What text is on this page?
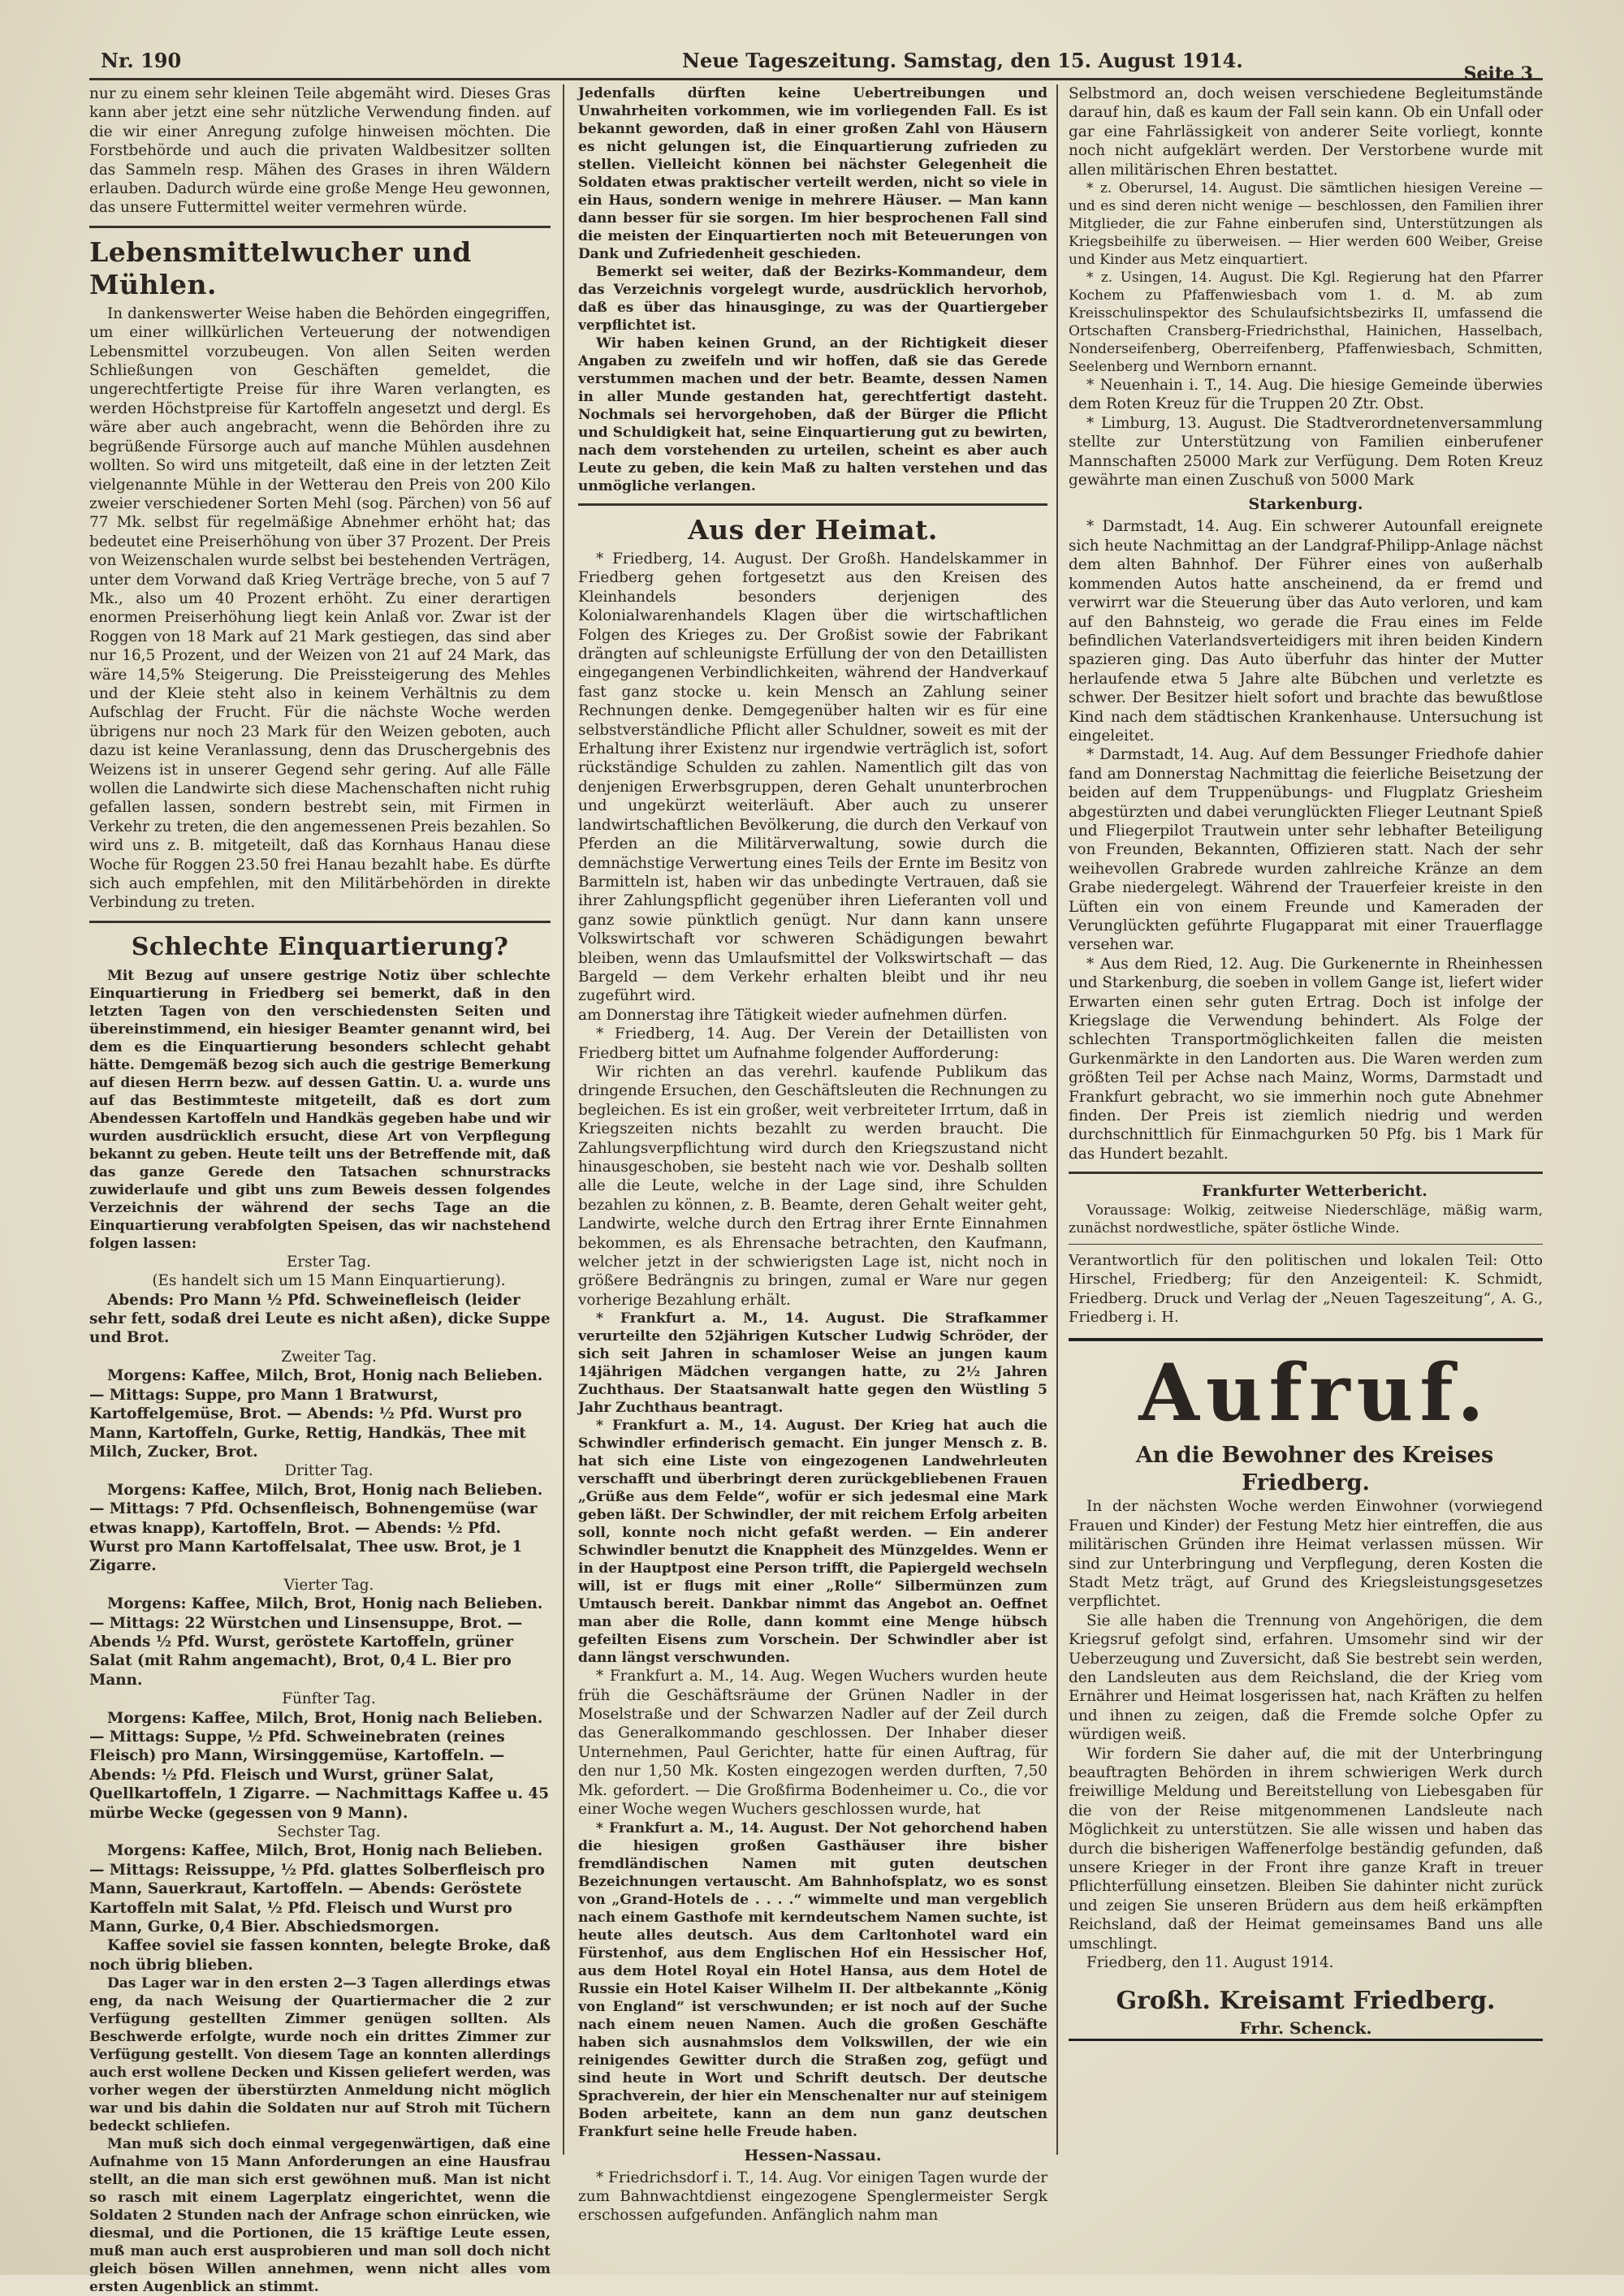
Nr. 190	Neue Tageszeitung. Samstag, den 15. August 1914.
Seite 3

nur zu einem sehr kleinen Teile abgemäht wird. Dieses Gras kann aber jetzt eine sehr nützliche Verwendung finden. auf die wir einer Anregung zufolge hinweisen möchten. Die Forstbehörde und auch die privaten Waldbesitzer sollten das Sammeln resp. Mähen des Grases in ihren Wäldern erlauben. Dadurch würde eine große Menge Heu gewonnen, das unsere Futtermittel weiter vermehren würde.

Lebensmittelwucher und Mühlen.

In dankenswerter Weise haben die Behörden eingegriffen, um einer willkürlichen Verteuerung der notwendigen Lebensmittel vorzubeugen. Von allen Seiten werden Schließungen von Geschäften gemeldet, die ungerechtfertigte Preise für ihre Waren verlangten, es werden Höchstpreise für Kartoffeln angesetzt und dergl. Es wäre aber auch angebracht, wenn die Behörden ihre zu begrüßende Fürsorge auch auf manche Mühlen ausdehnen wollten. So wird uns mitgeteilt, daß eine in der letzten Zeit vielgenannte Mühle in der Wetterau den Preis von 200 Kilo zweier verschiedener Sorten Mehl (sog. Pärchen) von 56 auf 77 Mk. selbst für regelmäßige Abnehmer erhöht hat; das bedeutet eine Preiserhöhung von über 37 Prozent. Der Preis von Weizenschalen wurde selbst bei bestehenden Verträgen, unter dem Vorwand daß Krieg Verträge breche, von 5 auf 7 Mk., also um 40 Prozent erhöht. Zu einer derartigen enormen Preiserhöhung liegt kein Anlaß vor. Zwar ist der Roggen von 18 Mark auf 21 Mark gestiegen, das sind aber nur 16,5 Prozent, und der Weizen von 21 auf 24 Mark, das wäre 14,5% Steigerung. Die Preissteigerung des Mehles und der Kleie steht also in keinem Verhältnis zu dem Aufschlag der Frucht. Für die nächste Woche werden übrigens nur noch 23 Mark für den Weizen geboten, auch dazu ist keine Veranlassung, denn das Druschergebnis des Weizens ist in unserer Gegend sehr gering. Auf alle Fälle wollen die Landwirte sich diese Machenschaften nicht ruhig gefallen lassen, sondern bestrebt sein, mit Firmen in Verkehr zu treten, die den angemessenen Preis bezahlen. So wird uns z. B. mitgeteilt, daß das Kornhaus Hanau diese Woche für Roggen 23.50 frei Hanau bezahlt habe. Es dürfte sich auch empfehlen, mit den Militärbehörden in direkte Verbindung zu treten.

Schlechte Einquartierung?

Mit Bezug auf unsere gestrige Notiz über schlechte Einquartierung in Friedberg sei bemerkt, daß in den letzten Tagen von den verschiedensten Seiten und übereinstimmend, ein hiesiger Beamter genannt wird, bei dem es die Einquartierung besonders schlecht gehabt hätte. Demgemäß bezog sich auch die gestrige Bemerkung auf diesen Herrn bezw. auf dessen Gattin. U. a. wurde uns auf das Bestimmteste mitgeteilt, daß es dort zum Abendessen Kartoffeln und Handkäs gegeben habe und wir wurden ausdrücklich ersucht, diese Art von Verpflegung bekannt zu geben. Heute teilt uns der Betreffende mit, daß das ganze Gerede den Tatsachen schnurstracks zuwiderlaufe und gibt uns zum Beweis dessen folgendes Verzeichnis der während der sechs Tage an die Einquartierung verabfolgten Speisen, das wir nachstehend folgen lassen:

Erster Tag.

(Es handelt sich um 15 Mann Einquartierung).

Abends: Pro Mann ½ Pfd. Schweinefleisch (leider sehr fett, sodaß drei Leute es nicht aßen), dicke Suppe und Brot.

Zweiter Tag.

Morgens: Kaffee, Milch, Brot, Honig nach Belieben. — Mittags: Suppe, pro Mann 1 Bratwurst, Kartoffelgemüse, Brot. — Abends: ½ Pfd. Wurst pro Mann, Kartoffeln, Gurke, Rettig, Handkäs, Thee mit Milch, Zucker, Brot.

Dritter Tag.

Morgens: Kaffee, Milch, Brot, Honig nach Belieben. — Mittags: 7 Pfd. Ochsenfleisch, Bohnengemüse (war etwas knapp), Kartoffeln, Brot. — Abends: ½ Pfd. Wurst pro Mann Kartoffelsalat, Thee usw. Brot, je 1 Zigarre.

Vierter Tag.

Morgens: Kaffee, Milch, Brot, Honig nach Belieben. — Mittags: 22 Würstchen und Linsensuppe, Brot. — Abends ½ Pfd. Wurst, geröstete Kartoffeln, grüner Salat (mit Rahm angemacht), Brot, 0,4 L. Bier pro Mann.

Fünfter Tag.

Morgens: Kaffee, Milch, Brot, Honig nach Belieben. — Mittags: Suppe, ½ Pfd. Schweinebraten (reines Fleisch) pro Mann, Wirsinggemüse, Kartoffeln. — Abends: ½ Pfd. Fleisch und Wurst, grüner Salat, Quellkartoffeln, 1 Zigarre. — Nachmittags Kaffee u. 45 mürbe Wecke (gegessen von 9 Mann).

Sechster Tag.

Morgens: Kaffee, Milch, Brot, Honig nach Belieben. — Mittags: Reissuppe, ½ Pfd. glattes Solberfleisch pro Mann, Sauerkraut, Kartoffeln. — Abends: Geröstete Kartoffeln mit Salat, ½ Pfd. Fleisch und Wurst pro Mann, Gurke, 0,4 Bier. Abschiedsmorgen.

Kaffee soviel sie fassen konnten, belegte Broke, daß noch übrig blieben.

Das Lager war in den ersten 2—3 Tagen allerdings etwas eng, da nach Weisung der Quartiermacher die 2 zur Verfügung gestellten Zimmer genügen sollten. Als Beschwerde erfolgte, wurde noch ein drittes Zimmer zur Verfügung gestellt. Von diesem Tage an konnten allerdings auch erst wollene Decken und Kissen geliefert werden, was vorher wegen der überstürzten Anmeldung nicht möglich war und bis dahin die Soldaten nur auf Stroh mit Tüchern bedeckt schliefen.

Man muß sich doch einmal vergegenwärtigen, daß eine Aufnahme von 15 Mann Anforderungen an eine Hausfrau stellt, an die man sich erst gewöhnen muß. Man ist nicht so rasch mit einem Lagerplatz eingerichtet, wenn die Soldaten 2 Stunden nach der Anfrage schon einrücken, wie diesmal, und die Portionen, die 15 kräftige Leute essen, muß man auch erst ausprobieren und man soll doch nicht gleich bösen Willen annehmen, wenn nicht alles vom ersten Augenblick an stimmt.

Jedenfalls dürften keine Uebertreibungen und Unwahrheiten vorkommen, wie im vorliegenden Fall. Es ist bekannt geworden, daß in einer großen Zahl von Häusern es nicht gelungen ist, die Einquartierung zufrieden zu stellen. Vielleicht können bei nächster Gelegenheit die Soldaten etwas praktischer verteilt werden, nicht so viele in ein Haus, sondern wenige in mehrere Häuser. — Man kann dann besser für sie sorgen. Im hier besprochenen Fall sind die meisten der Einquartierten noch mit Beteuerungen von Dank und Zufriedenheit geschieden.

Bemerkt sei weiter, daß der Bezirks-Kommandeur, dem das Verzeichnis vorgelegt wurde, ausdrücklich hervorhob, daß es über das hinausginge, zu was der Quartiergeber verpflichtet ist.

Wir haben keinen Grund, an der Richtigkeit dieser Angaben zu zweifeln und wir hoffen, daß sie das Gerede verstummen machen und der betr. Beamte, dessen Namen in aller Munde gestanden hat, gerechtfertigt dasteht. Nochmals sei hervorgehoben, daß der Bürger die Pflicht und Schuldigkeit hat, seine Einquartierung gut zu bewirten, nach dem vorstehenden zu urteilen, scheint es aber auch Leute zu geben, die kein Maß zu halten verstehen und das unmögliche verlangen.

Aus der Heimat.

* Friedberg, 14. August. Der Großh. Handelskammer in Friedberg gehen fortgesetzt aus den Kreisen des Kleinhandels besonders derjenigen des Kolonialwarenhandels Klagen über die wirtschaftlichen Folgen des Krieges zu. Der Großist sowie der Fabrikant drängten auf schleunigste Erfüllung der von den Detaillisten eingegangenen Verbindlichkeiten, während der Handverkauf fast ganz stocke u. kein Mensch an Zahlung seiner Rechnungen denke. Demgegenüber halten wir es für eine selbstverständliche Pflicht aller Schuldner, soweit es mit der Erhaltung ihrer Existenz nur irgendwie verträglich ist, sofort rückständige Schulden zu zahlen. Namentlich gilt das von denjenigen Erwerbsgruppen, deren Gehalt ununterbrochen und ungekürzt weiterläuft. Aber auch zu unserer landwirtschaftlichen Bevölkerung, die durch den Verkauf von Pferden an die Militärverwaltung, sowie durch die demnächstige Verwertung eines Teils der Ernte im Besitz von Barmitteln ist, haben wir das unbedingte Vertrauen, daß sie ihrer Zahlungspflicht gegenüber ihren Lieferanten voll und ganz sowie pünktlich genügt. Nur dann kann unsere Volkswirtschaft vor schweren Schädigungen bewahrt bleiben, wenn das Umlaufsmittel der Volkswirtschaft — das Bargeld — dem Verkehr erhalten bleibt und ihr neu zugeführt wird.

am Donnerstag ihre Tätigkeit wieder aufnehmen dürfen.

* Friedberg, 14. Aug. Der Verein der Detaillisten von Friedberg bittet um Aufnahme folgender Aufforderung:

Wir richten an das verehrl. kaufende Publikum das dringende Ersuchen, den Geschäftsleuten die Rechnungen zu begleichen. Es ist ein großer, weit verbreiteter Irrtum, daß in Kriegszeiten nichts bezahlt zu werden braucht. Die Zahlungsverpflichtung wird durch den Kriegszustand nicht hinausgeschoben, sie besteht nach wie vor. Deshalb sollten alle die Leute, welche in der Lage sind, ihre Schulden bezahlen zu können, z. B. Beamte, deren Gehalt weiter geht, Landwirte, welche durch den Ertrag ihrer Ernte Einnahmen bekommen, es als Ehrensache betrachten, den Kaufmann, welcher jetzt in der schwierigsten Lage ist, nicht noch in größere Bedrängnis zu bringen, zumal er Ware nur gegen vorherige Bezahlung erhält.

* Frankfurt a. M., 14. August. Die Strafkammer verurteilte den 52jährigen Kutscher Ludwig Schröder, der sich seit Jahren in schamloser Weise an jungen kaum 14jährigen Mädchen vergangen hatte, zu 2½ Jahren Zuchthaus. Der Staatsanwalt hatte gegen den Wüstling 5 Jahr Zuchthaus beantragt.

* Frankfurt a. M., 14. August. Der Krieg hat auch die Schwindler erfinderisch gemacht. Ein junger Mensch z. B. hat sich eine Liste von eingezogenen Landwehrleuten verschafft und überbringt deren zurückgebliebenen Frauen „Grüße aus dem Felde“, wofür er sich jedesmal eine Mark geben läßt. Der Schwindler, der mit reichem Erfolg arbeiten soll, konnte noch nicht gefaßt werden. — Ein anderer Schwindler benutzt die Knappheit des Münzgeldes. Wenn er in der Hauptpost eine Person trifft, die Papiergeld wechseln will, ist er flugs mit einer „Rolle“ Silbermünzen zum Umtausch bereit. Dankbar nimmt das Angebot an. Oeffnet man aber die Rolle, dann kommt eine Menge hübsch gefeilten Eisens zum Vorschein. Der Schwindler aber ist dann längst verschwunden.

* Frankfurt a. M., 14. Aug. Wegen Wuchers wurden heute früh die Geschäftsräume der Grünen Nadler in der Moselstraße und der Schwarzen Nadler auf der Zeil durch das Generalkommando geschlossen. Der Inhaber dieser Unternehmen, Paul Gerichter, hatte für einen Auftrag, für den nur 1,50 Mk. Kosten eingezogen werden durften, 7,50 Mk. gefordert. — Die Großfirma Bodenheimer u. Co., die vor einer Woche wegen Wuchers geschlossen wurde, hat

* Frankfurt a. M., 14. August. Der Not gehorchend haben die hiesigen großen Gasthäuser ihre bisher fremdländischen Namen mit guten deutschen Bezeichnungen vertauscht. Am Bahnhofsplatz, wo es sonst von „Grand-Hotels de . . . .“ wimmelte und man vergeblich nach einem Gasthofe mit kerndeutschem Namen suchte, ist heute alles deutsch. Aus dem Carltonhotel ward ein Fürstenhof, aus dem Englischen Hof ein Hessischer Hof, aus dem Hotel Royal ein Hotel Hansa, aus dem Hotel de Russie ein Hotel Kaiser Wilhelm II. Der altbekannte „König von England“ ist verschwunden; er ist noch auf der Suche nach einem neuen Namen. Auch die großen Geschäfte haben sich ausnahmslos dem Volkswillen, der wie ein reinigendes Gewitter durch die Straßen zog, gefügt und sind heute in Wort und Schrift deutsch. Der deutsche Sprachverein, der hier ein Menschenalter nur auf steinigem Boden arbeitete, kann an dem nun ganz deutschen Frankfurt seine helle Freude haben.

Hessen-Nassau.

* Friedrichsdorf i. T., 14. Aug. Vor einigen Tagen wurde der zum Bahnwachtdienst eingezogene Spenglermeister Sergk erschossen aufgefunden. Anfänglich nahm man

Selbstmord an, doch weisen verschiedene Begleitumstände darauf hin, daß es kaum der Fall sein kann. Ob ein Unfall oder gar eine Fahrlässigkeit von anderer Seite vorliegt, konnte noch nicht aufgeklärt werden. Der Verstorbene wurde mit allen militärischen Ehren bestattet.

* z. Oberursel, 14. August. Die sämtlichen hiesigen Vereine — und es sind deren nicht wenige — beschlossen, den Familien ihrer Mitglieder, die zur Fahne einberufen sind, Unterstützungen als Kriegsbeihilfe zu überweisen. — Hier werden 600 Weiber, Greise und Kinder aus Metz einquartiert.

* z. Usingen, 14. August. Die Kgl. Regierung hat den Pfarrer Kochem zu Pfaffenwiesbach vom 1. d. M. ab zum Kreisschulinspektor des Schulaufsichtsbezirks II, umfassend die Ortschaften Cransberg-Friedrichsthal, Hainichen, Hasselbach, Nonderseifenberg, Oberreifenberg, Pfaffenwiesbach, Schmitten, Seelenberg und Wernborn ernannt.

* Neuenhain i. T., 14. Aug. Die hiesige Gemeinde überwies dem Roten Kreuz für die Truppen 20 Ztr. Obst.

* Limburg, 13. August. Die Stadtverordnetenversammlung stellte zur Unterstützung von Familien einberufener Mannschaften 25000 Mark zur Verfügung. Dem Roten Kreuz gewährte man einen Zuschuß von 5000 Mark

Starkenburg.

* Darmstadt, 14. Aug. Ein schwerer Autounfall ereignete sich heute Nachmittag an der Landgraf-Philipp-Anlage nächst dem alten Bahnhof. Der Führer eines von außerhalb kommenden Autos hatte anscheinend, da er fremd und verwirrt war die Steuerung über das Auto verloren, und kam auf den Bahnsteig, wo gerade die Frau eines im Felde befindlichen Vaterlandsverteidigers mit ihren beiden Kindern spazieren ging. Das Auto überfuhr das hinter der Mutter herlaufende etwa 5 Jahre alte Bübchen und verletzte es schwer. Der Besitzer hielt sofort und brachte das bewußtlose Kind nach dem städtischen Krankenhause. Untersuchung ist eingeleitet.

* Darmstadt, 14. Aug. Auf dem Bessunger Friedhofe dahier fand am Donnerstag Nachmittag die feierliche Beisetzung der beiden auf dem Truppenübungs- und Flugplatz Griesheim abgestürzten und dabei verunglückten Flieger Leutnant Spieß und Fliegerpilot Trautwein unter sehr lebhafter Beteiligung von Freunden, Bekannten, Offizieren statt. Nach der sehr weihevollen Grabrede wurden zahlreiche Kränze an dem Grabe niedergelegt. Während der Trauerfeier kreiste in den Lüften ein von einem Freunde und Kameraden der Verunglückten geführte Flugapparat mit einer Trauerflagge versehen war.

* Aus dem Ried, 12. Aug. Die Gurkenernte in Rheinhessen und Starkenburg, die soeben in vollem Gange ist, liefert wider Erwarten einen sehr guten Ertrag. Doch ist infolge der Kriegslage die Verwendung behindert. Als Folge der schlechten Transportmöglichkeiten fallen die meisten Gurkenmärkte in den Landorten aus. Die Waren werden zum größten Teil per Achse nach Mainz, Worms, Darmstadt und Frankfurt gebracht, wo sie immerhin noch gute Abnehmer finden. Der Preis ist ziemlich niedrig und werden durchschnittlich für Einmachgurken 50 Pfg. bis 1 Mark für das Hundert bezahlt.

Frankfurter Wetterbericht.

Voraussage: Wolkig, zeitweise Niederschläge, mäßig warm, zunächst nordwestliche, später östliche Winde.

Verantwortlich für den politischen und lokalen Teil: Otto Hirschel, Friedberg; für den Anzeigenteil: K. Schmidt, Friedberg. Druck und Verlag der „Neuen Tageszeitung“, A. G., Friedberg i. H.

Aufruf.

An die Bewohner des Kreises Friedberg.

In der nächsten Woche werden Einwohner (vorwiegend Frauen und Kinder) der Festung Metz hier eintreffen, die aus militärischen Gründen ihre Heimat verlassen müssen. Wir sind zur Unterbringung und Verpflegung, deren Kosten die Stadt Metz trägt, auf Grund des Kriegsleistungsgesetzes verpflichtet.

Sie alle haben die Trennung von Angehörigen, die dem Kriegsruf gefolgt sind, erfahren. Umsomehr sind wir der Ueberzeugung und Zuversicht, daß Sie bestrebt sein werden, den Landsleuten aus dem Reichsland, die der Krieg vom Ernährer und Heimat losgerissen hat, nach Kräften zu helfen und ihnen zu zeigen, daß die Fremde solche Opfer zu würdigen weiß.

Wir fordern Sie daher auf, die mit der Unterbringung beauftragten Behörden in ihrem schwierigen Werk durch freiwillige Meldung und Bereitstellung von Liebesgaben für die von der Reise mitgenommenen Landsleute nach Möglichkeit zu unterstützen. Sie alle wissen und haben das durch die bisherigen Waffenerfolge beständig gefunden, daß unsere Krieger in der Front ihre ganze Kraft in treuer Pflichterfüllung einsetzen. Bleiben Sie dahinter nicht zurück und zeigen Sie unseren Brüdern aus dem heiß erkämpften Reichsland, daß der Heimat gemeinsames Band uns alle umschlingt.

Friedberg, den 11. August 1914.

Großh. Kreisamt Friedberg.
Frhr. Schenck.
